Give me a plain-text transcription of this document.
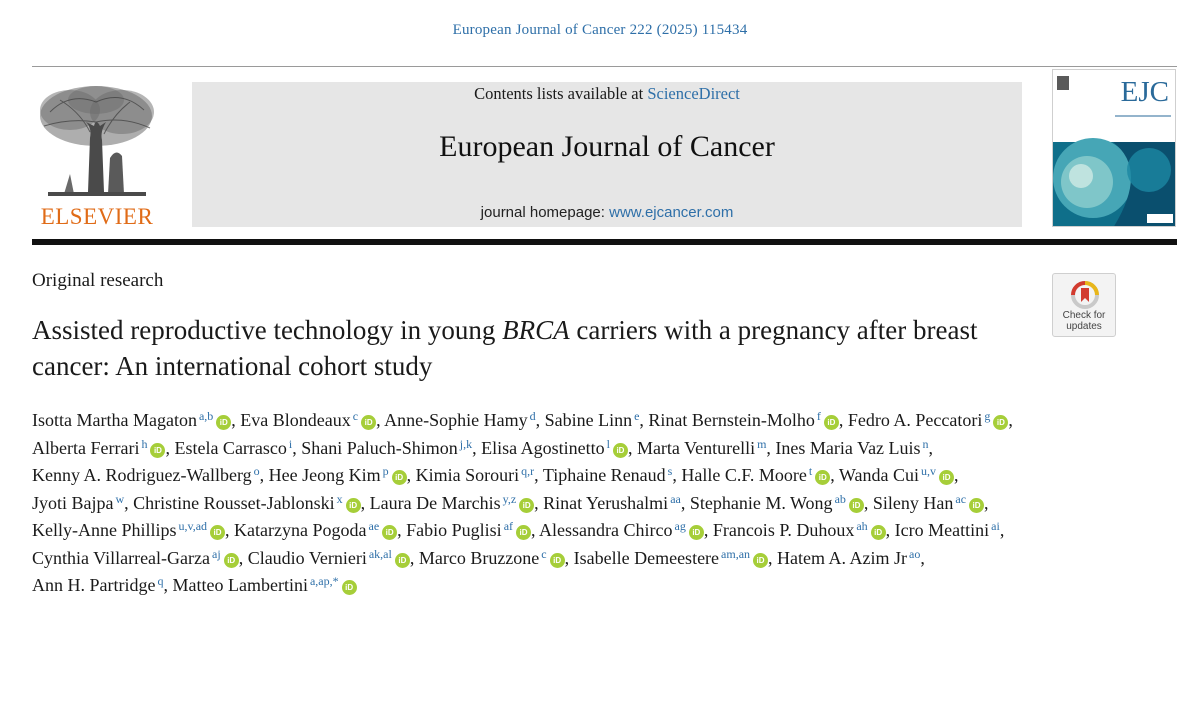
European Journal of Cancer 222 (2025) 115434
ELSEVIER
Contents lists available at ScienceDirect
European Journal of Cancer
journal homepage: www.ejcancer.com
EJC
Original research
Check for
updates
Assisted reproductive technology in young BRCA carriers with a pregnancy after breast cancer: An international cohort study
Isotta Martha Magaton $^{a,b}$ iD , Eva Blondeaux $^c$ iD , Anne-Sophie Hamy $^d$, Sabine Linn $^e$, Rinat Bernstein-Molho $^f$ iD , Fedro A. Peccatori $^g$ iD , Alberta Ferrari $^h$ iD , Estela Carrasco $^i$, Shani Paluch-Shimon $^{j,k}$, Elisa Agostinetto $^l$ iD , Marta Venturelli $^m$, Ines Maria Vaz Luis $^n$, Kenny A. Rodriguez-Wallberg $^o$, Hee Jeong Kim $^p$ iD , Kimia Sorouri $^{q,r}$, Tiphaine Renaud $^s$, Halle C.F. Moore $^t$ iD , Wanda Cui $^{u,v}$ iD , Jyoti Bajpa $^w$, Christine Rousset-Jablonski $^x$ iD , Laura De Marchis $^{y,z}$ iD , Rinat Yerushalmi $^{aa}$, Stephanie M. Wong $^{ab}$ iD , Sileny Han $^{ac}$ iD , Kelly-Anne Phillips $^{u,v,ad}$ iD , Katarzyna Pogoda $^{ae}$ iD , Fabio Puglisi $^{af}$ iD , Alessandra Chirco $^{ag}$ iD , Francois P. Duhoux $^{ah}$ iD , Icro Meattini $^{ai}$, Cynthia Villarreal-Garza $^{aj}$ iD , Claudio Vernieri $^{ak,al}$ iD , Marco Bruzzone $^c$ iD , Isabelle Demeestere $^{am,an}$ iD , Hatem A. Azim Jr $^{ao}$, Ann H. Partridge $^q$, Matteo Lambertini $^{a,ap,*}$ iD
